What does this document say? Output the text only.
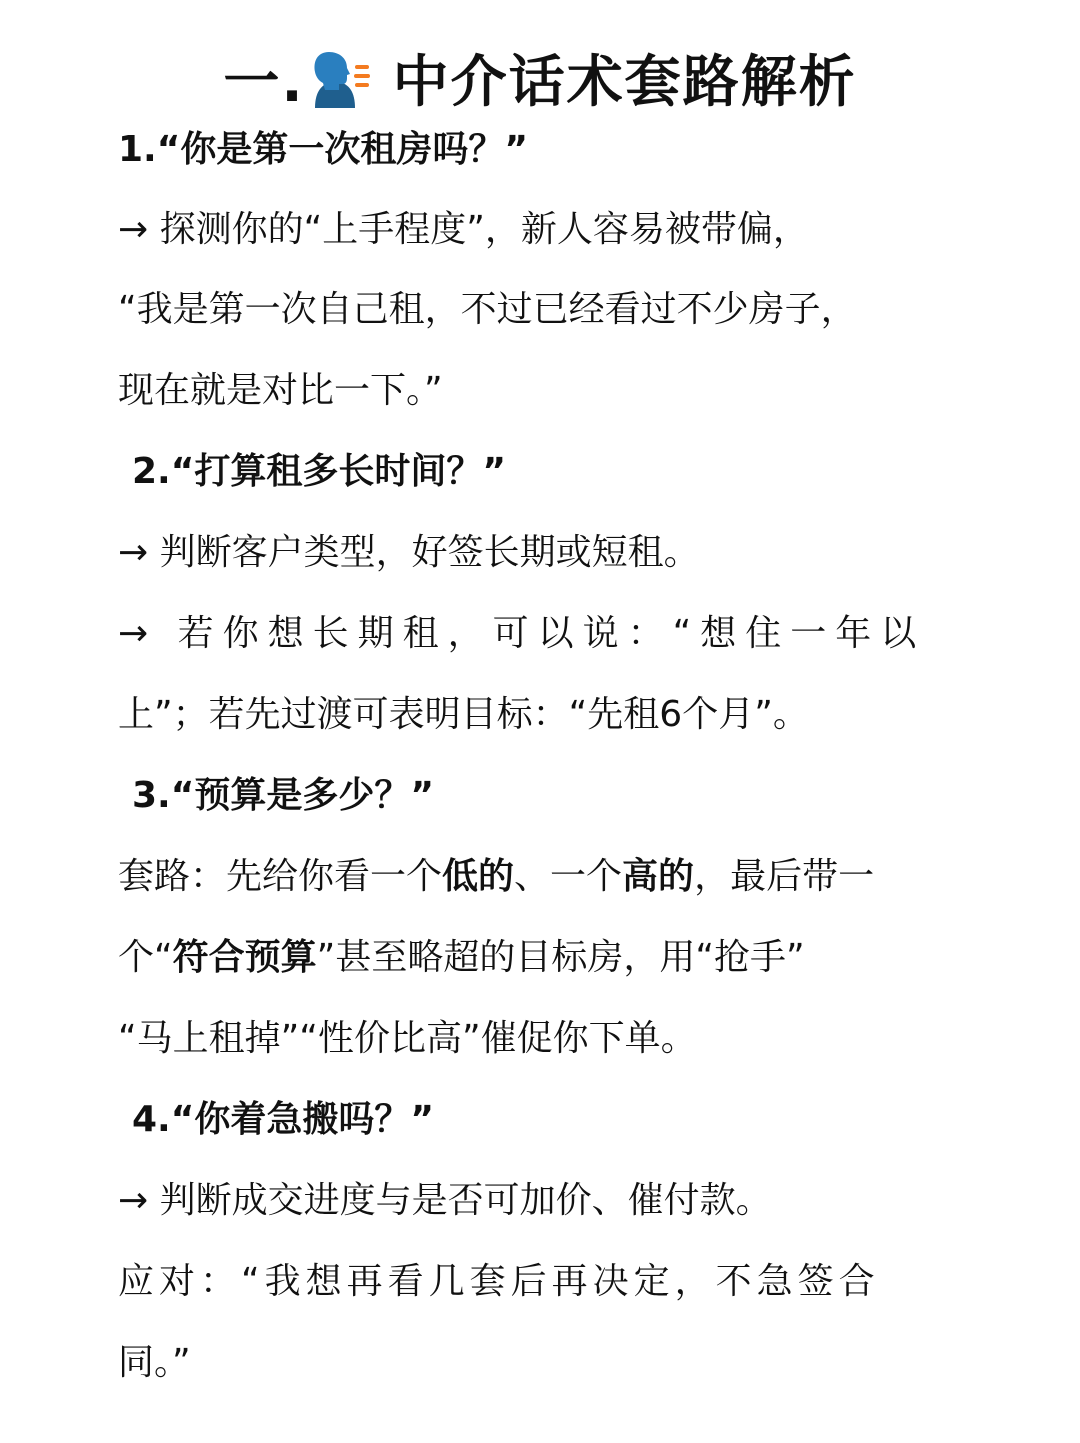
一. 中介话术套路解析
1.“你是第一次租房吗？”
→ 探测你的“上手程度”，新人容易被带偏，
“我是第一次自己租，不过已经看过不少房子，
现在就是对比一下。”
2.“打算租多长时间？”
→ 判断客户类型，好签长期或短租。
→ 若你想长期租，可以说：“想住一年以
上”；若先过渡可表明目标：“先租6个月”。
3.“预算是多少？”
套路：先给你看一个低的、一个高的，最后带一
个“符合预算”甚至略超的目标房，用“抢手”
“马上租掉”“性价比高”催促你下单。
4.“你着急搬吗？”
→ 判断成交进度与是否可加价、催付款。
应对：“我想再看几套后再决定，不急签合
同。”
